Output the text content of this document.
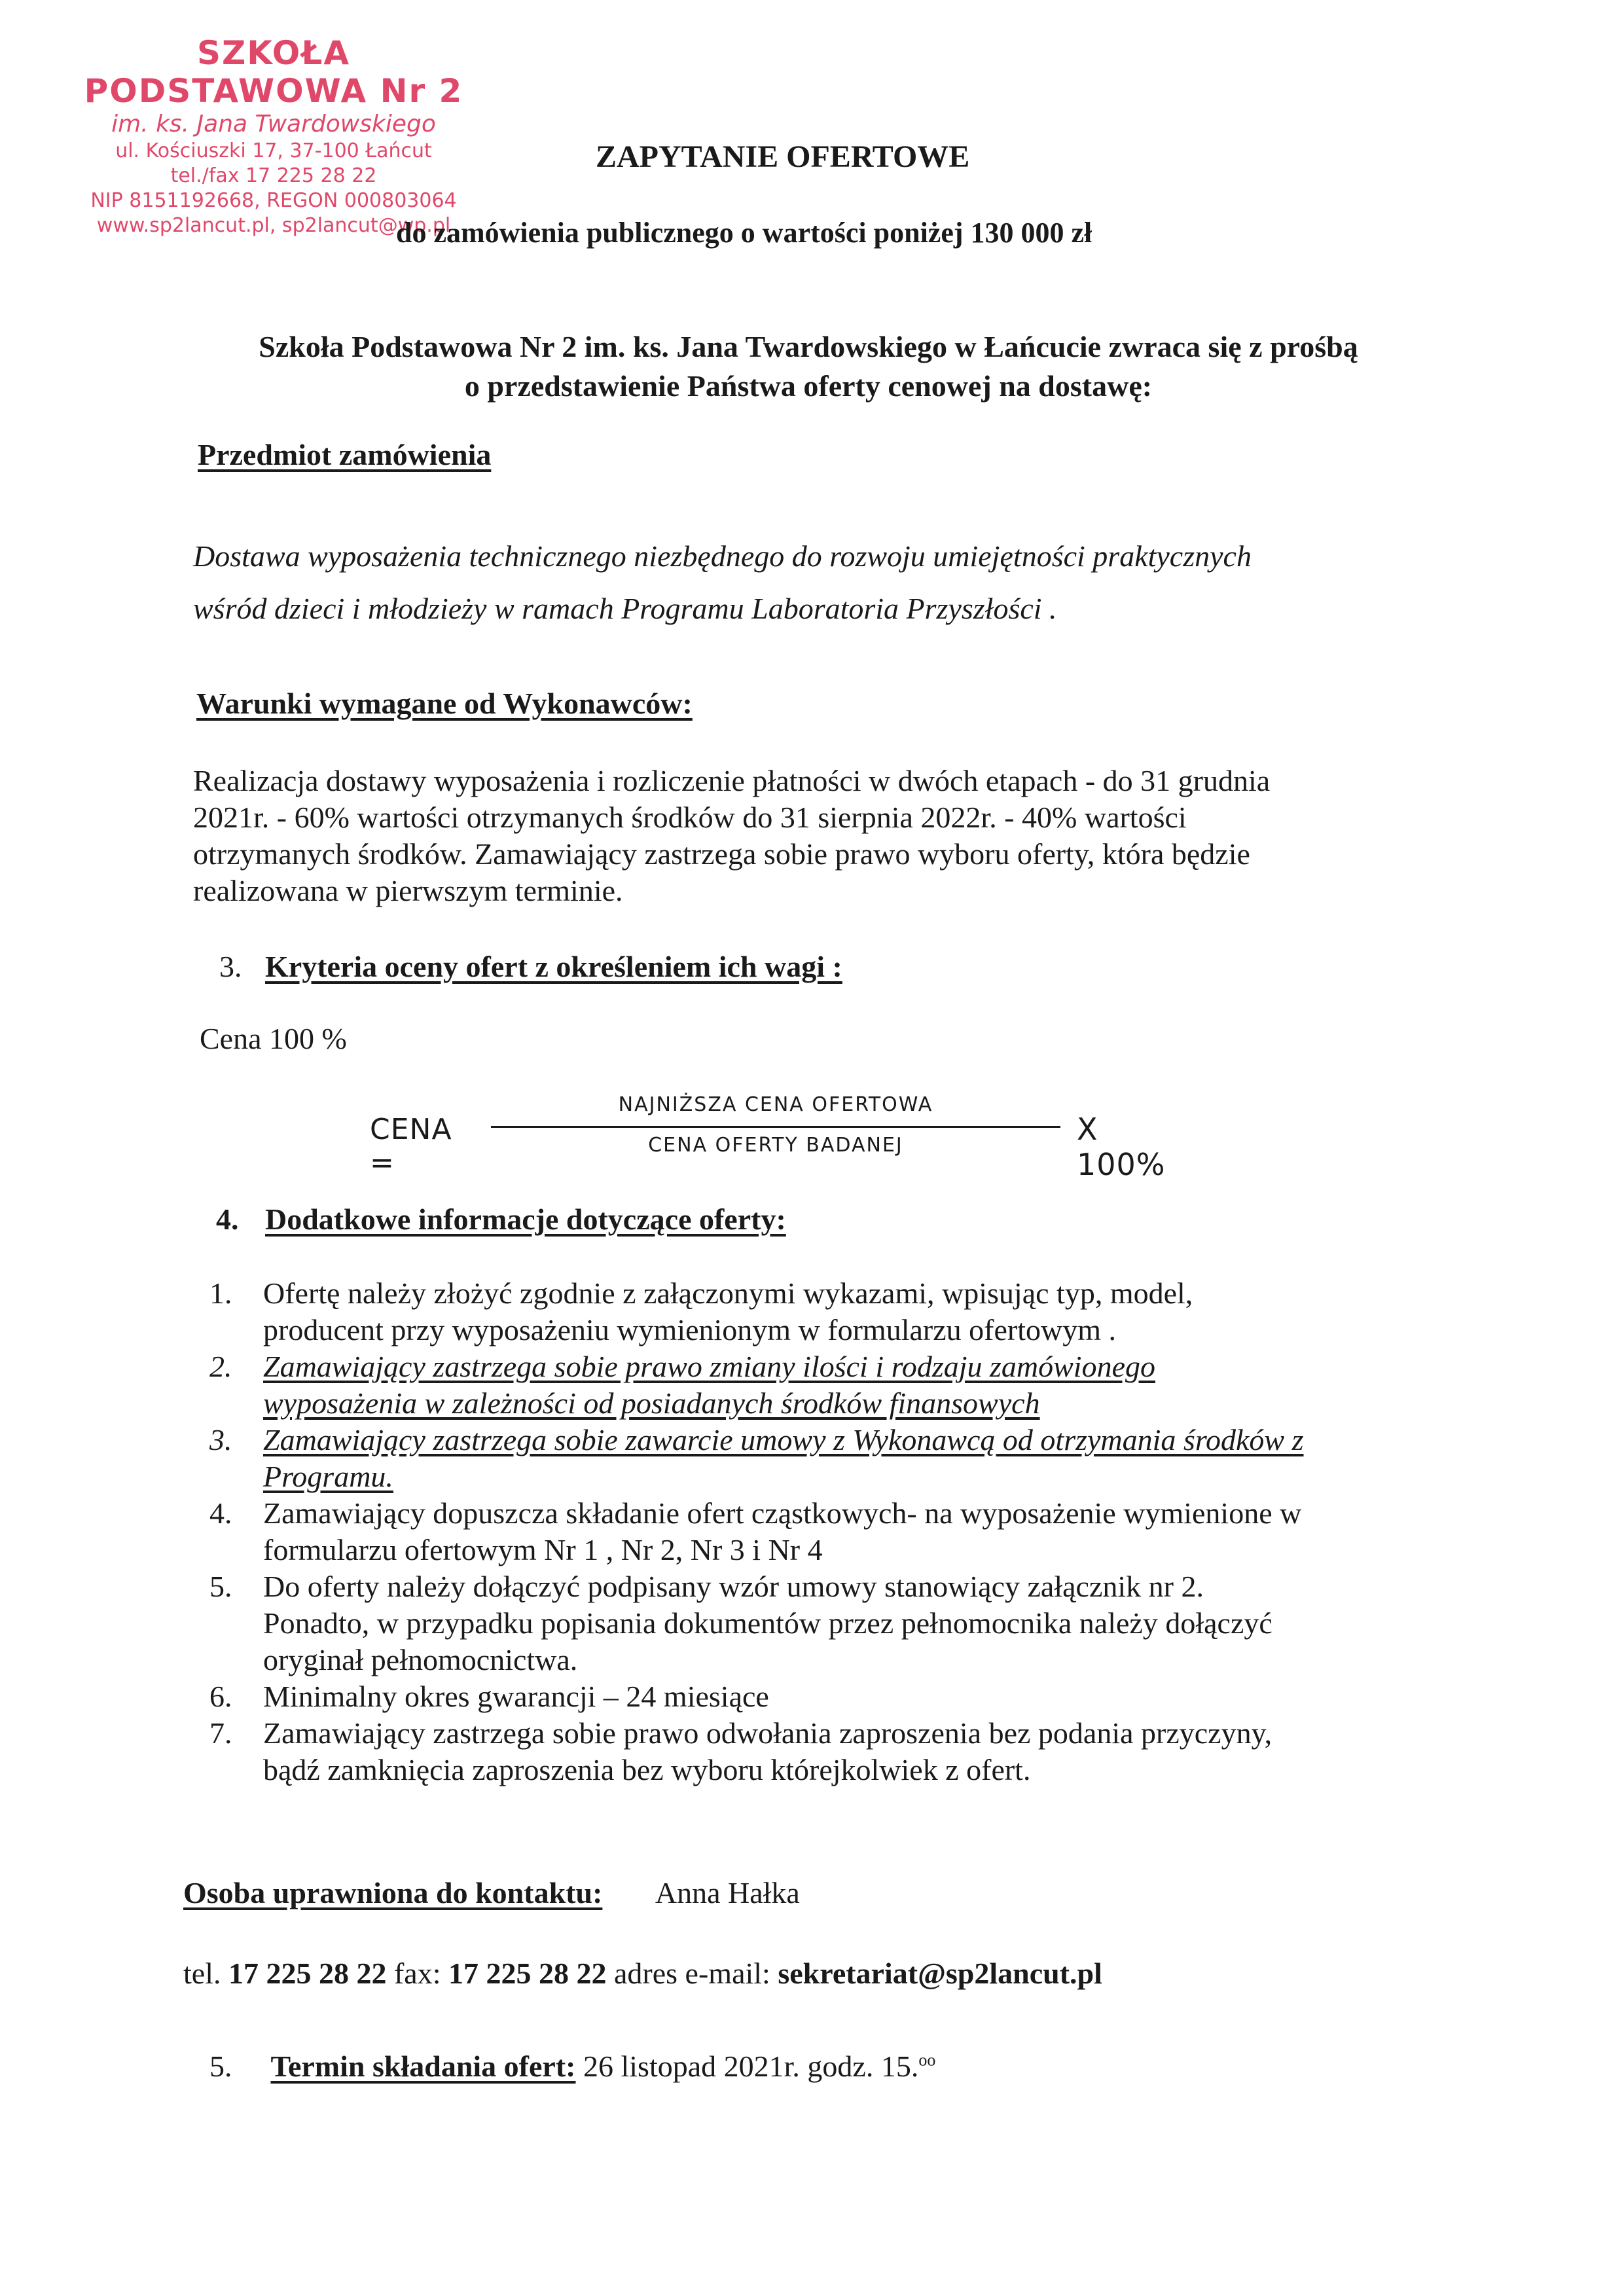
SZKOŁA PODSTAWOWA Nr 2
im. ks. Jana Twardowskiego
ul. Kościuszki 17, 37-100 Łańcut
tel./fax 17 225 28 22
NIP 8151192668, REGON 000803064
www.sp2lancut.pl, sp2lancut@wp.pl
ZAPYTANIE OFERTOWE
do zamówienia publicznego o wartości poniżej 130 000 zł
Szkoła Podstawowa Nr 2 im. ks. Jana Twardowskiego w Łańcucie zwraca się z prośbą
o przedstawienie Państwa oferty cenowej na dostawę:
Przedmiot zamówienia
Dostawa wyposażenia technicznego niezbędnego do rozwoju umiejętności praktycznych
wśród dzieci i młodzieży w ramach Programu Laboratoria Przyszłości .
Warunki wymagane od Wykonawców:
Realizacja dostawy wyposażenia i rozliczenie płatności w dwóch etapach - do 31 grudnia
2021r. - 60% wartości otrzymanych środków do 31 sierpnia 2022r. - 40% wartości
otrzymanych środków. Zamawiający zastrzega sobie prawo wyboru oferty, która będzie
realizowana w pierwszym terminie.
3. Kryteria oceny ofert z określeniem ich wagi :
Cena 100 %
CENA =
NAJNIŻSZA CENA OFERTOWA
CENA OFERTY BADANEJ	X 100%
4. Dodatkowe informacje dotyczące oferty:
1.	Ofertę należy złożyć zgodnie z załączonymi wykazami, wpisując typ, model,
producent przy wyposażeniu wymienionym w formularzu ofertowym .
2.	Zamawiający zastrzega sobie prawo zmiany ilości i rodzaju zamówionego
wyposażenia w zależności od posiadanych środków finansowych
3.	Zamawiający zastrzega sobie zawarcie umowy z Wykonawcą od otrzymania środków z
Programu.
4.	Zamawiający dopuszcza składanie ofert cząstkowych- na wyposażenie wymienione w
formularzu ofertowym Nr 1 , Nr 2, Nr 3 i Nr 4
5.	Do oferty należy dołączyć podpisany wzór umowy stanowiący załącznik nr 2.
Ponadto, w przypadku popisania dokumentów przez pełnomocnika należy dołączyć
oryginał pełnomocnictwa.
6.	Minimalny okres gwarancji – 24 miesiące
7.	Zamawiający zastrzega sobie prawo odwołania zaproszenia bez podania przyczyny,
bądź zamknięcia zaproszenia bez wyboru którejkolwiek z ofert.
Osoba uprawniona do kontaktu: Anna Hałka
tel. 17 225 28 22 fax: 17 225 28 22 adres e-mail: sekretariat@sp2lancut.pl
5. Termin składania ofert: 26 listopad 2021r. godz. 15.$^{oo}$
